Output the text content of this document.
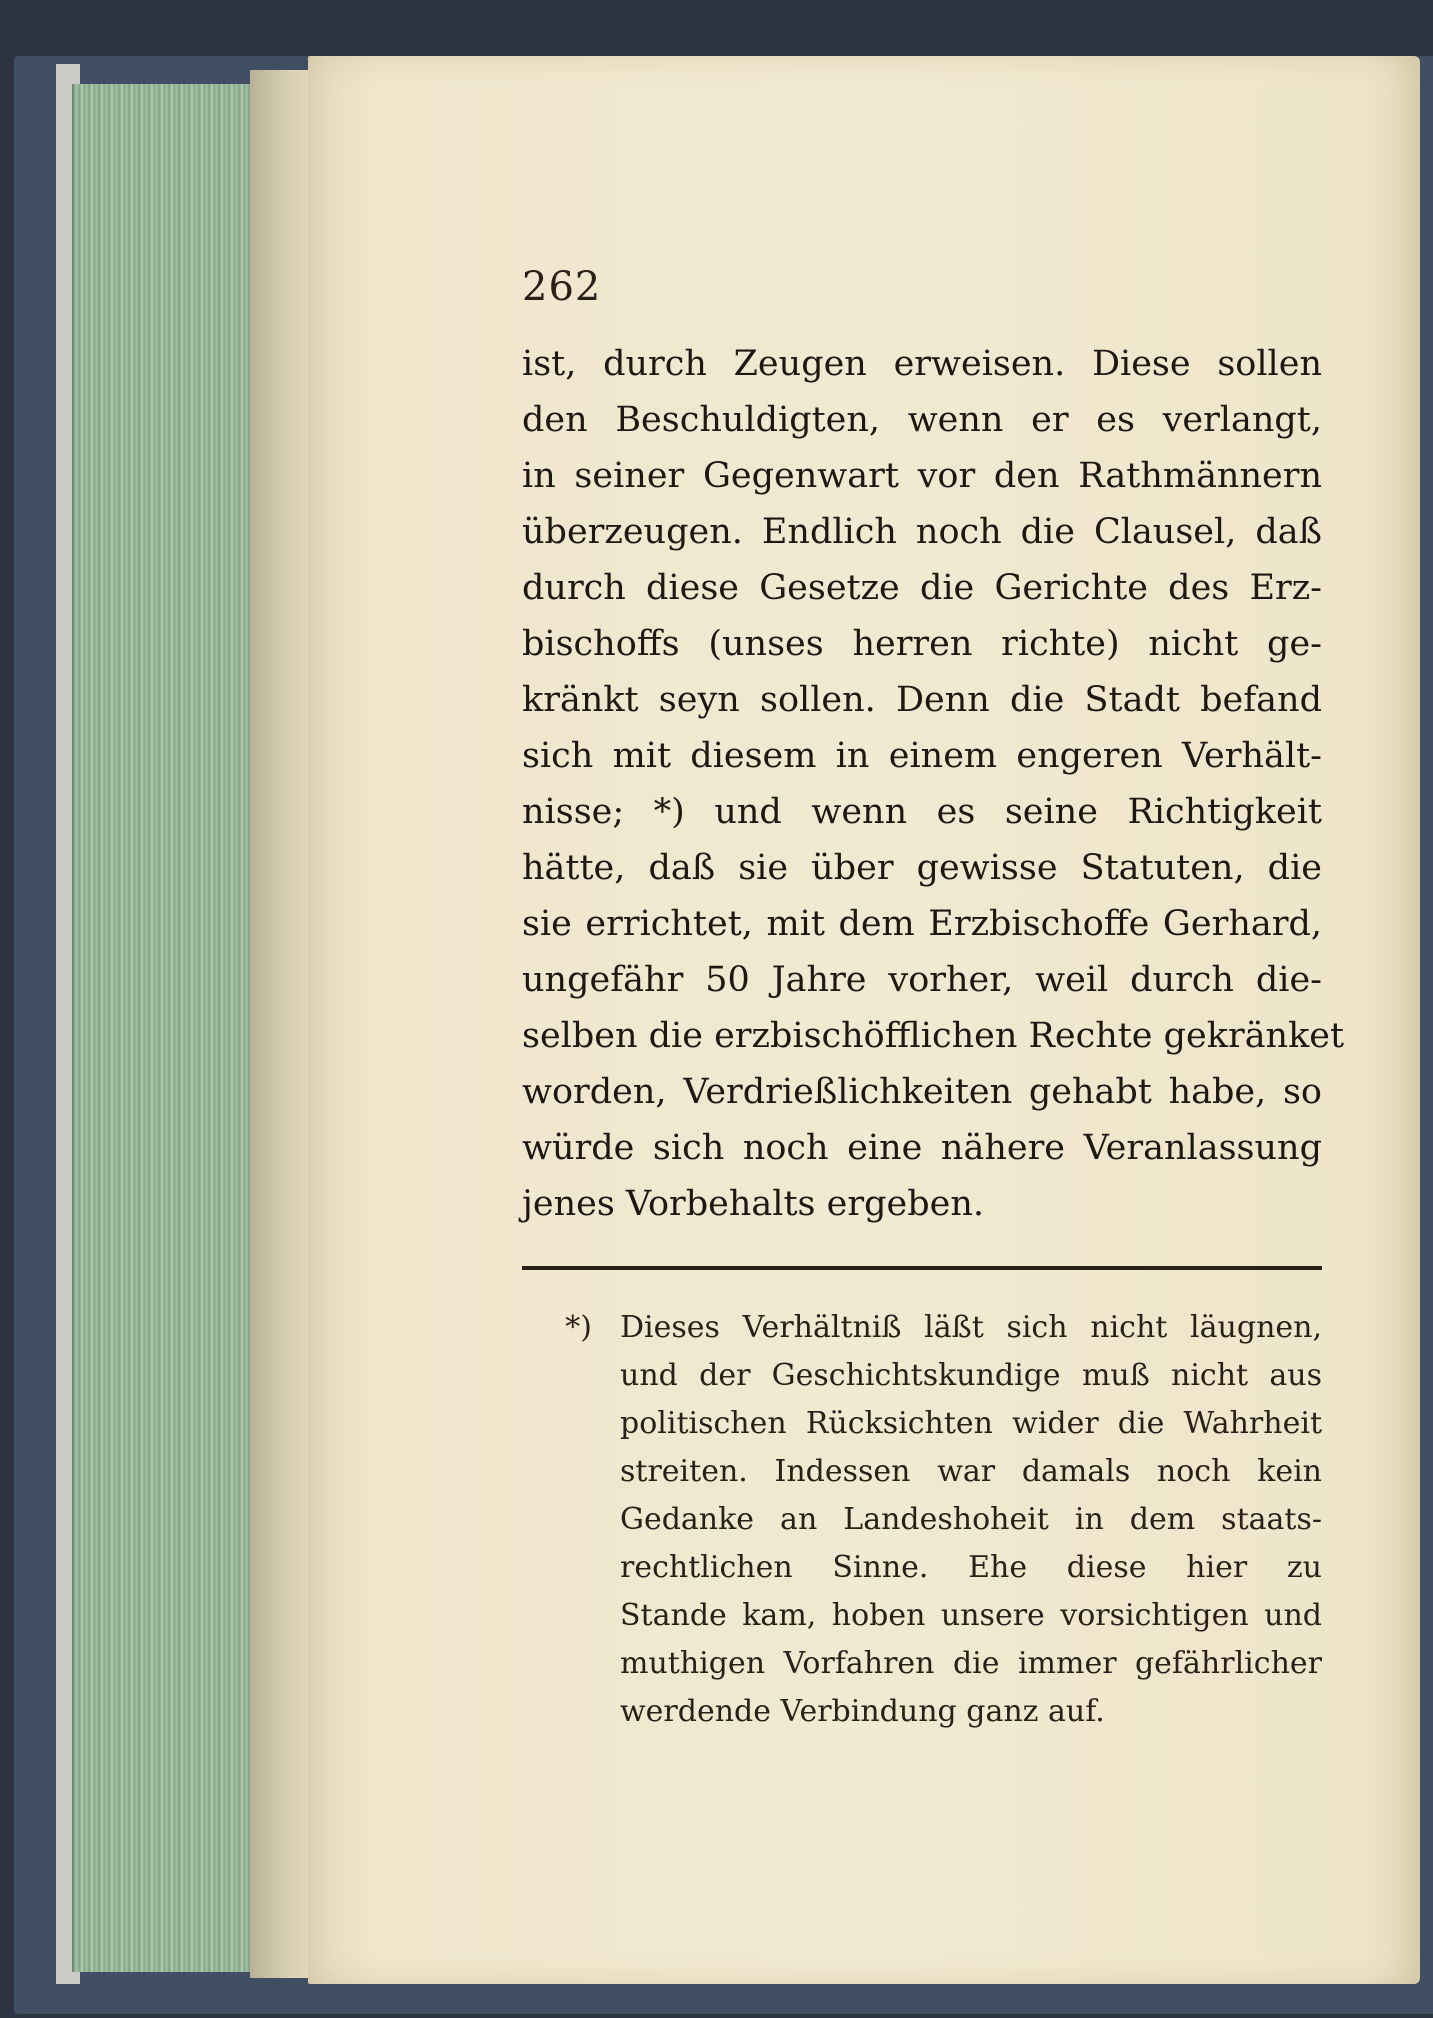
262
ist, durch Zeugen erweisen. Diese sollen
den Beschuldigten, wenn er es verlangt,
in seiner Gegenwart vor den Rathmännern
überzeugen. Endlich noch die Clausel, daß
durch diese Gesetze die Gerichte des Erz-
bischoffs (unses herren richte) nicht ge-
kränkt seyn sollen. Denn die Stadt befand
sich mit diesem in einem engeren Verhält-
nisse; *) und wenn es seine Richtigkeit
hätte, daß sie über gewisse Statuten, die
sie errichtet, mit dem Erzbischoffe Gerhard,
ungefähr 50 Jahre vorher, weil durch die-
selben die erzbischöfflichen Rechte gekränket
worden, Verdrießlichkeiten gehabt habe, so
würde sich noch eine nähere Veranlassung
jenes Vorbehalts ergeben.
*) Dieses Verhältniß läßt sich nicht läugnen,
und der Geschichtskundige muß nicht aus
politischen Rücksichten wider die Wahrheit
streiten. Indessen war damals noch kein
Gedanke an Landeshoheit in dem staats-
rechtlichen Sinne. Ehe diese hier zu
Stande kam, hoben unsere vorsichtigen und
muthigen Vorfahren die immer gefährlicher
werdende Verbindung ganz auf.
